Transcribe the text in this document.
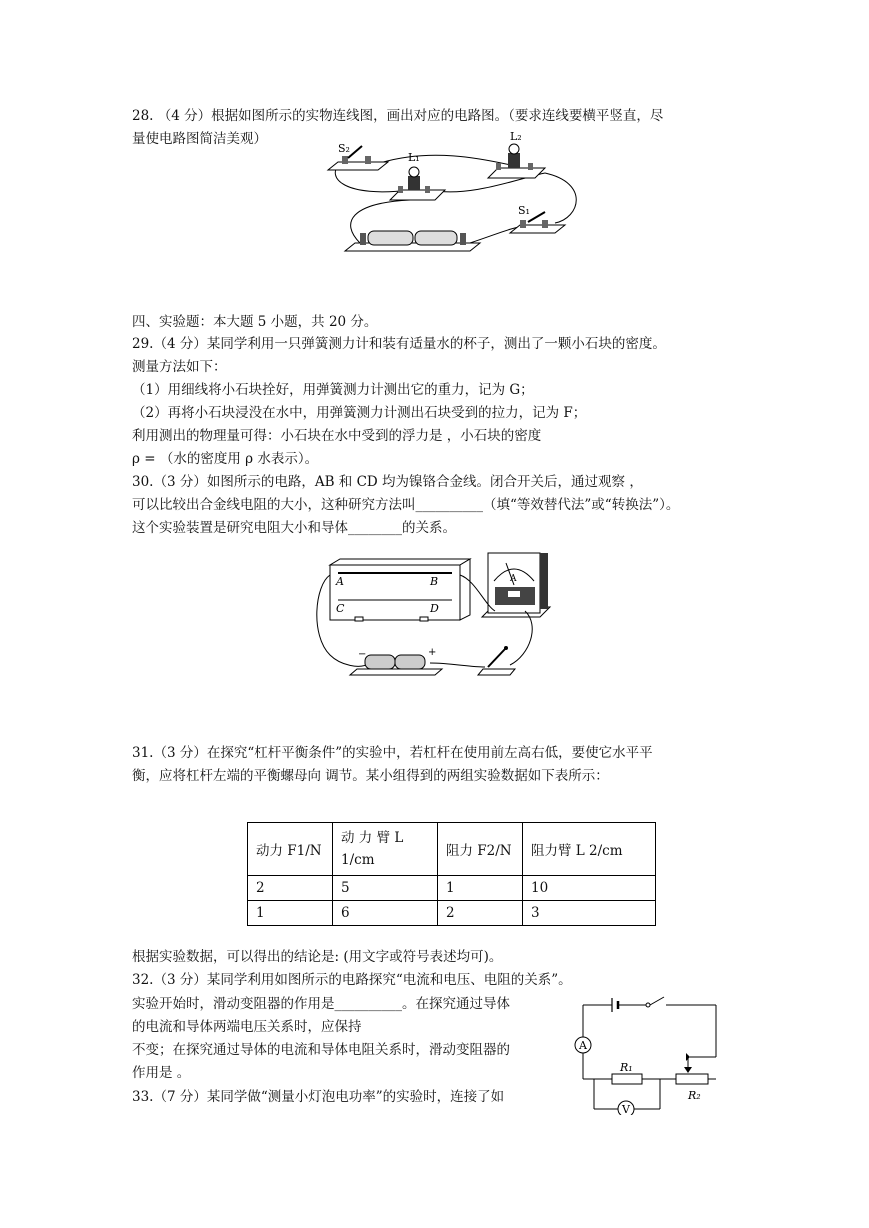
28. （4 分）根据如图所示的实物连线图，画出对应的电路图。（要求连线要横平竖直，尽
量使电路图简洁美观）
S₂
L₁
L₂
S₁
四、实验题：本大题 5 小题，共 20 分。
29.（4 分）某同学利用一只弹簧测力计和装有适量水的杯子，测出了一颗小石块的密度。
测量方法如下：
（1）用细线将小石块拴好，用弹簧测力计测出它的重力，记为 G；
（2）再将小石块浸没在水中，用弹簧测力计测出石块受到的拉力，记为 F；
利用测出的物理量可得：小石块在水中受到的浮力是 ，小石块的密度
ρ = （水的密度用 ρ 水表示）。
30.（3 分）如图所示的电路，AB 和 CD 均为镍铬合金线。闭合开关后，通过观察 ，
可以比较出合金线电阻的大小，这种研究方法叫__________（填“等效替代法”或“转换法”）。
这个实验装置是研究电阻大小和导体________的关系。
A	B
C	D
A
−	+
31.（3 分）在探究“杠杆平衡条件”的实验中，若杠杆在使用前左高右低，要使它水平平
衡，应将杠杆左端的平衡螺母向 调节。某小组得到的两组实验数据如下表所示：
动力 F1/N	动 力 臂 L 1/cm	阻力 F2/N	阻力臂 L 2/cm
2	5	1	10
1	6	2	3
根据实验数据，可以得出的结论是: (用文字或符号表述均可)。
32.（3 分）某同学利用如图所示的电路探究“电流和电压、电阻的关系”。
实验开始时，滑动变阻器的作用是__________。在探究通过导体
的电流和导体两端电压关系时，应保持
不变；在探究通过导体的电流和导体电阻关系时，滑动变阻器的
作用是 。
33.（7 分）某同学做“测量小灯泡电功率”的实验时，连接了如
A
R₁
R₂
V
